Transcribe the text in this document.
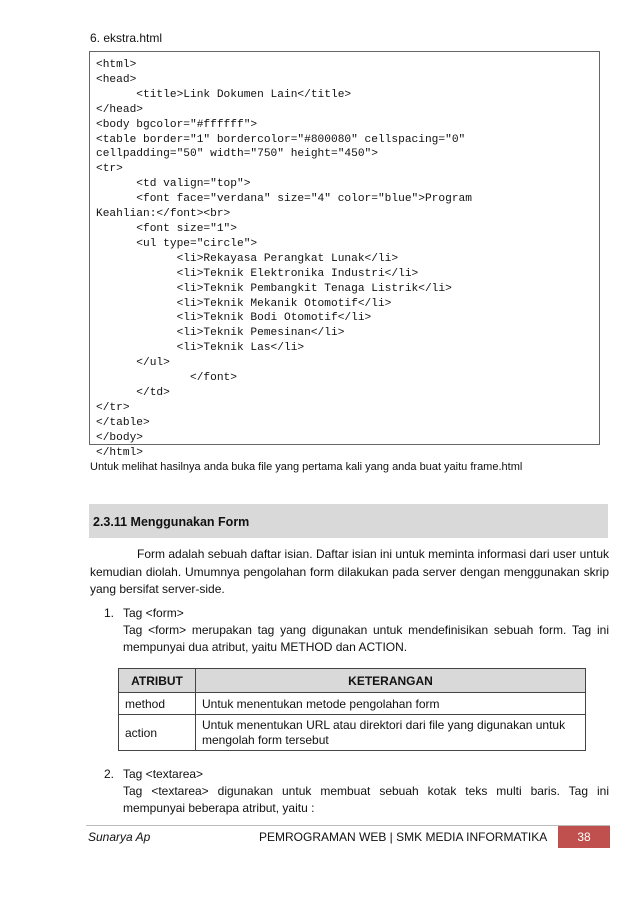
6. ekstra.html
<html>
<head>
<title>Link Dokumen Lain</title>
</head>
<body bgcolor="#ffffff">
<table border="1" bordercolor="#800080" cellspacing="0"
cellpadding="50" width="750" height="450">
<tr>
<td valign="top">
<font face="verdana" size="4" color="blue">Program
Keahlian:</font><br>
<font size="1">
<ul type="circle">
<li>Rekayasa Perangkat Lunak</li>
<li>Teknik Elektronika Industri</li>
<li>Teknik Pembangkit Tenaga Listrik</li>
<li>Teknik Mekanik Otomotif</li>
<li>Teknik Bodi Otomotif</li>
<li>Teknik Pemesinan</li>
<li>Teknik Las</li>
</ul>
</font>
</td>
</tr>
</table>
</body>
</html>
Untuk melihat hasilnya anda buka file yang pertama kali yang anda buat yaitu frame.html
2.3.11 Menggunakan Form
Form adalah sebuah daftar isian. Daftar isian ini untuk meminta informasi dari user untuk kemudian diolah. Umumnya pengolahan form dilakukan pada server dengan menggunakan skrip yang bersifat server-side.
1. Tag <form>
Tag <form> merupakan tag yang digunakan untuk mendefinisikan sebuah form. Tag ini mempunyai dua atribut, yaitu METHOD dan ACTION.
ATRIBUT	KETERANGAN
method	Untuk menentukan metode pengolahan form
action	Untuk menentukan URL atau direktori dari file yang digunakan untuk mengolah form tersebut
2. Tag <textarea>
Tag <textarea> digunakan untuk membuat sebuah kotak teks multi baris. Tag ini mempunyai beberapa atribut, yaitu :
Sunarya Ap	PEMROGRAMAN WEB | SMK MEDIA INFORMATIKA	38
